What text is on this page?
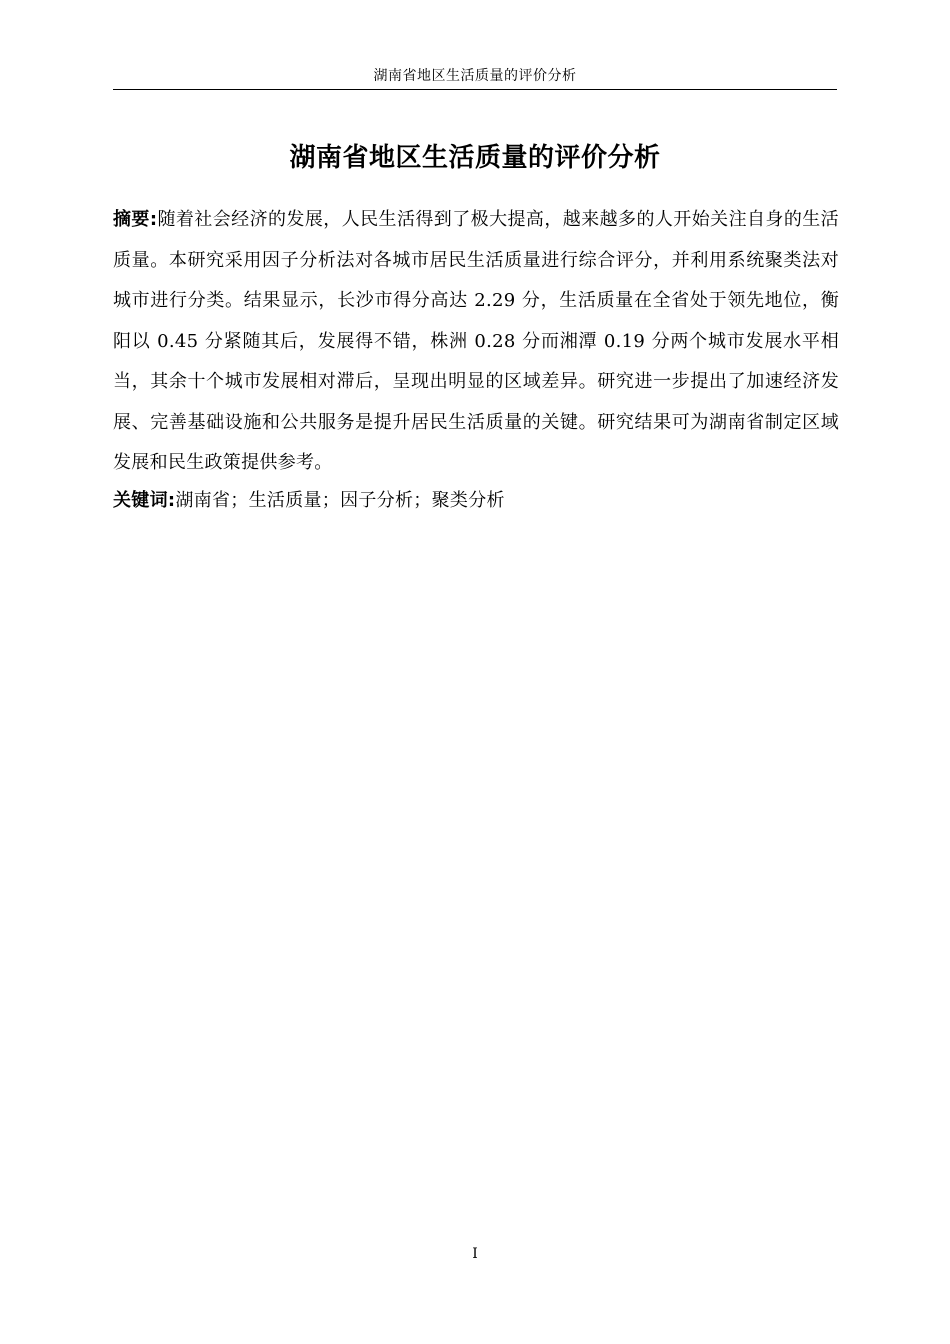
湖南省地区生活质量的评价分析
湖南省地区生活质量的评价分析

摘要:随着社会经济的发展，人民生活得到了极大提高，越来越多的人开始关注自身的生活质量。本研究采用因子分析法对各城市居民生活质量进行综合评分，并利用系统聚类法对城市进行分类。结果显示，长沙市得分高达 2.29 分，生活质量在全省处于领先地位，衡阳以 0.45 分紧随其后，发展得不错，株洲 0.28 分而湘潭 0.19 分两个城市发展水平相当，其余十个城市发展相对滞后，呈现出明显的区域差异。研究进一步提出了加速经济发展、完善基础设施和公共服务是提升居民生活质量的关键。研究结果可为湖南省制定区域发展和民生政策提供参考。

关键词:湖南省；生活质量；因子分析；聚类分析

I
